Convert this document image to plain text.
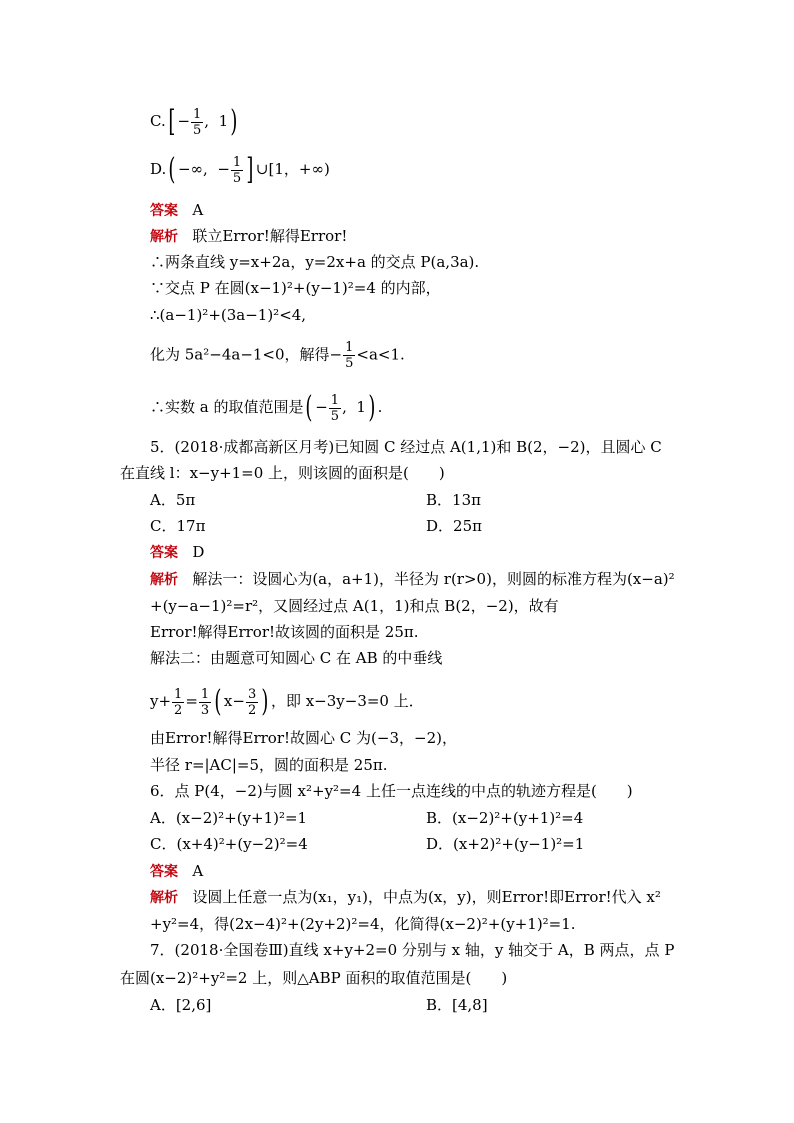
$C.[ - \frac{1}{5}$ ,  1)
D.( −∞,  − $\frac{1}{5}$ ] ∪[1，+∞)
答案 A
解析 联立Error!解得Error!
∴两条直线 y=x+2a，y=2x+a 的交点 P(a,3a).
∵交点 P 在圆(x−1)²+(y−1)²=4 的内部，
∴(a−1)²+(3a−1)²<4,
化为 5a²−4a−1<0，解得− $\frac{1}{5} <a<1$.
∴实数 a 的取值范围是( − $\frac{1}{5}$ ,  1) .
5．(2018·成都高新区月考)已知圆 C 经过点 A(1,1)和 B(2，−2)，且圆心 C
在直线 l：x−y+1=0 上，则该圆的面积是(　　)
A．5π	B．13π
C．17π	D．25π
答案 D
解析 解法一：设圆心为(a，a+1)，半径为 r(r>0)，则圆的标准方程为(x−a)²
+(y−a−1)²=r²，又圆经过点 A(1，1)和点 B(2，−2)，故有
Error!解得Error!故该圆的面积是 25π.
解法二：由题意可知圆心 C 在 AB 的中垂线
$y+ \frac{1}{2} = \frac{1}{3}$ ( $x- \frac{3}{2}$ ) ，即 x−3y−3=0 上．
由Error!解得Error!故圆心 C 为(−3，−2)，
半径 r=|AC|=5，圆的面积是 25π.
6．点 P(4，−2)与圆 x²+y²=4 上任一点连线的中点的轨迹方程是(　　)
A．(x−2)²+(y+1)²=1	B．(x−2)²+(y+1)²=4
C．(x+4)²+(y−2)²=4	D．(x+2)²+(y−1)²=1
答案 A
解析 设圆上任意一点为(x₁，y₁)，中点为(x，y)，则Error!即Error!代入 x²
+y²=4，得(2x−4)²+(2y+2)²=4，化简得(x−2)²+(y+1)²=1.
7．(2018·全国卷Ⅲ)直线 x+y+2=0 分别与 x 轴，y 轴交于 A，B 两点，点 P
在圆(x−2)²+y²=2 上，则△ABP 面积的取值范围是(　　)
A．[2,6]	B．[4,8]
